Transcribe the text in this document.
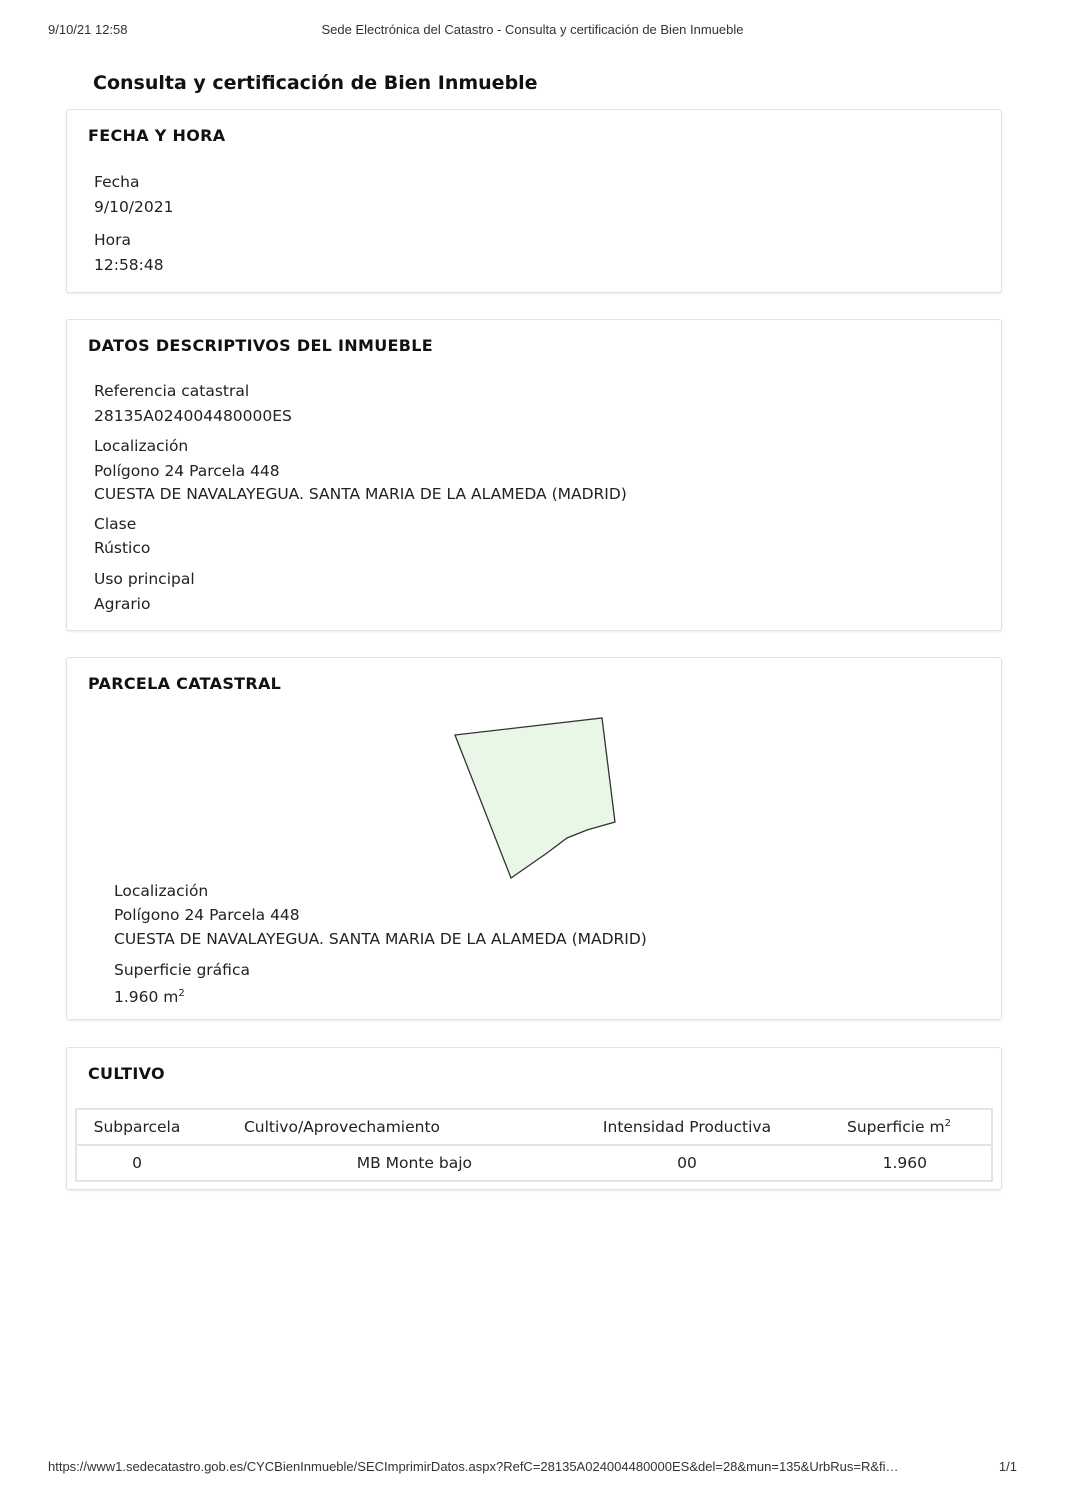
9/10/21 12:58	Sede Electrónica del Catastro - Consulta y certificación de Bien Inmueble
Consulta y certificación de Bien Inmueble
FECHA Y HORA
Fecha
9/10/2021
Hora
12:58:48
DATOS DESCRIPTIVOS DEL INMUEBLE
Referencia catastral
28135A024004480000ES
Localización
Polígono 24 Parcela 448
CUESTA DE NAVALAYEGUA. SANTA MARIA DE LA ALAMEDA (MADRID)
Clase
Rústico
Uso principal
Agrario
PARCELA CATASTRAL
Localización
Polígono 24 Parcela 448
CUESTA DE NAVALAYEGUA. SANTA MARIA DE LA ALAMEDA (MADRID)
Superficie gráfica
1.960 $m^2$
CULTIVO
Subparcela	Cultivo/Aprovechamiento	Intensidad Productiva	Superficie $m^2$
0	MB Monte bajo	00	1.960
https://www1.sedecatastro.gob.es/CYCBienInmueble/SECImprimirDatos.aspx?RefC=28135A024004480000ES&del=28&mun=135&UrbRus=R&fi…	1/1
